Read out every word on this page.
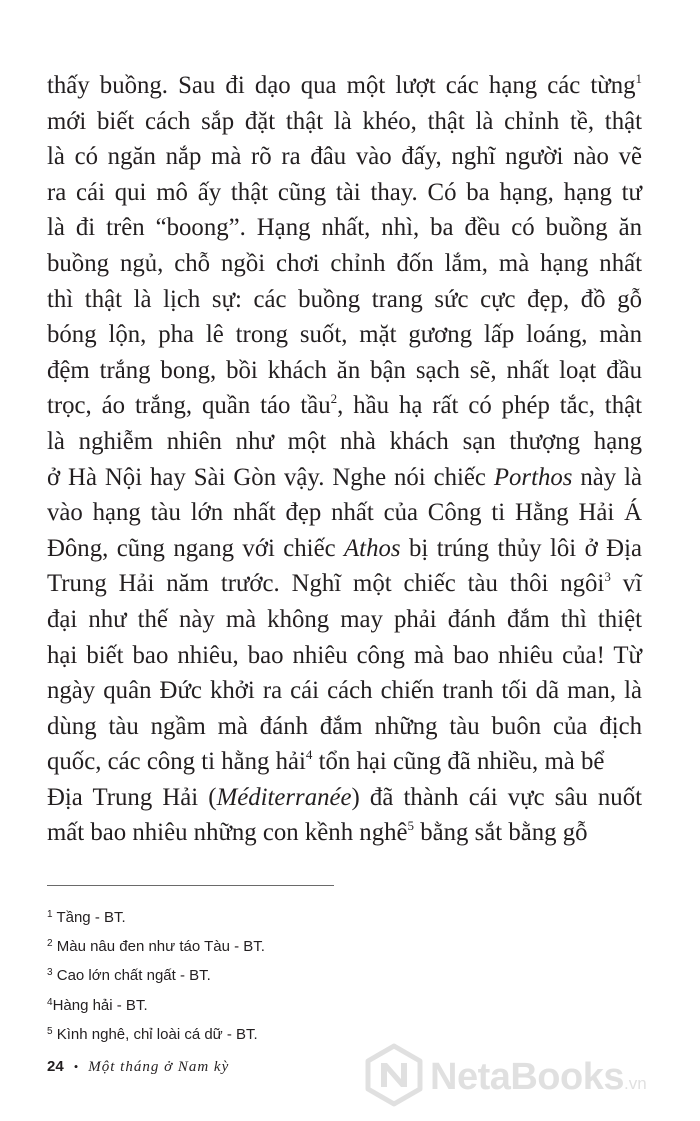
thấy buồng. Sau đi dạo qua một lượt các hạng các từng$^1$
mới biết cách sắp đặt thật là khéo, thật là chỉnh tề, thật
là có ngăn nắp mà rõ ra đâu vào đấy, nghĩ người nào vẽ
ra cái qui mô ấy thật cũng tài thay. Có ba hạng, hạng tư
là đi trên “boong”. Hạng nhất, nhì, ba đều có buồng ăn
buồng ngủ, chỗ ngồi chơi chỉnh đốn lắm, mà hạng nhất
thì thật là lịch sự: các buồng trang sức cực đẹp, đồ gỗ
bóng lộn, pha lê trong suốt, mặt gương lấp loáng, màn
đệm trắng bong, bồi khách ăn bận sạch sẽ, nhất loạt đầu
trọc, áo trắng, quần táo tầu$^2$, hầu hạ rất có phép tắc, thật
là nghiễm nhiên như một nhà khách sạn thượng hạng
ở Hà Nội hay Sài Gòn vậy. Nghe nói chiếc Porthos này là
vào hạng tàu lớn nhất đẹp nhất của Công ti Hằng Hải Á
Đông, cũng ngang với chiếc Athos bị trúng thủy lôi ở Địa
Trung Hải năm trước. Nghĩ một chiếc tàu thôi ngôi$^3$ vĩ
đại như thế này mà không may phải đánh đắm thì thiệt
hại biết bao nhiêu, bao nhiêu công mà bao nhiêu của! Từ
ngày quân Đức khởi ra cái cách chiến tranh tối dã man, là
dùng tàu ngầm mà đánh đắm những tàu buôn của địch
quốc, các công ti hằng hải$^4$ tổn hại cũng đã nhiều, mà bể
Địa Trung Hải (Méditerranée) đã thành cái vực sâu nuốt
mất bao nhiêu những con kềnh nghê$^5$ bằng sắt bằng gỗ
$^1$ Tầng - BT.
$^2$ Màu nâu đen như táo Tàu - BT.
$^3$ Cao lớn chất ngất - BT.
$^4$Hàng hải - BT.
$^5$ Kình nghê, chỉ loài cá dữ - BT.
24 • Một tháng ở Nam kỳ	NetaBooks.vn
